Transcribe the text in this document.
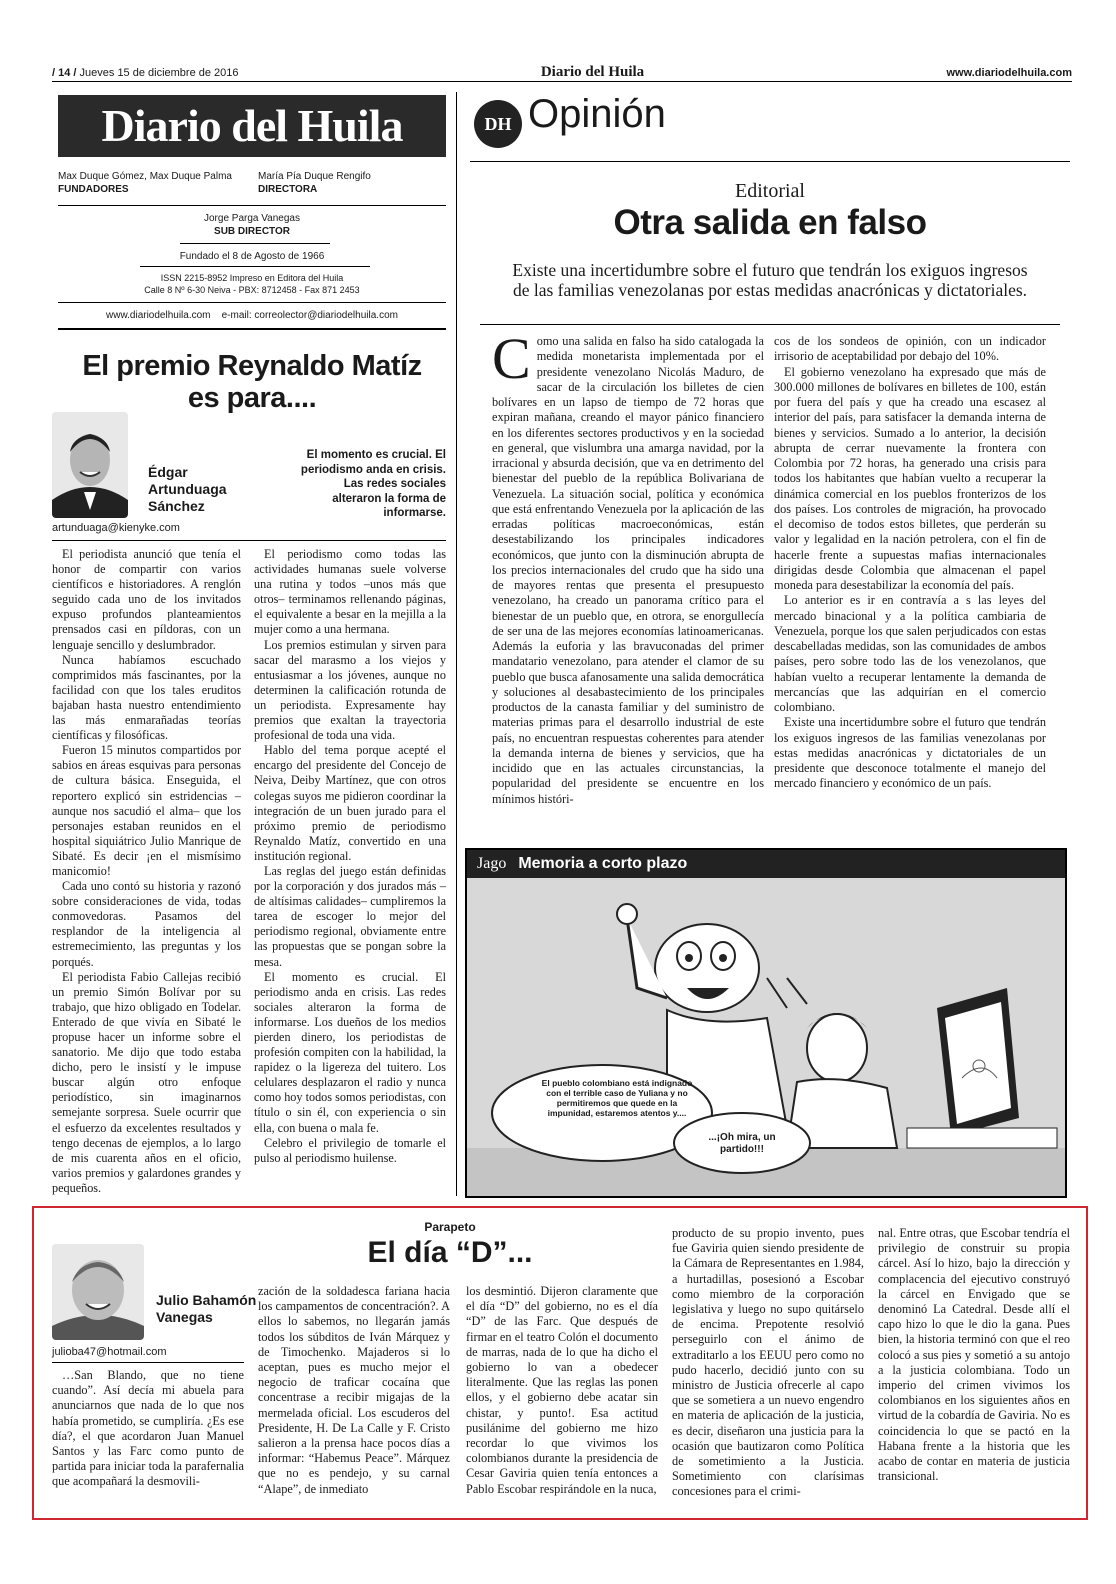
/ 14 / Jueves 15 de diciembre de 2016	Diario del Huila	www.diariodelhuila.com
Diario del Huila
Max Duque Gómez, Max Duque Palma
FUNDADORES
María Pía Duque Rengifo
DIRECTORA
Jorge Parga Vanegas
SUB DIRECTOR
Fundado el 8 de Agosto de 1966
ISSN 2215-8952 Impreso en Editora del Huila
Calle 8 Nº 6-30 Neiva - PBX: 8712458 - Fax 871 2453
www.diariodelhuila.com    e-mail: correolector@diariodelhuila.com
DH Opinión
Editorial
Otra salida en falso
Existe una incertidumbre sobre el futuro que tendrán los exiguos ingresos de las familias venezolanas por estas medidas anacrónicas y dictatoriales.
Como una salida en falso ha sido catalogada la medida monetarista implementada por el presidente venezolano Nicolás Maduro, de sacar de la circulación los billetes de cien bolívares en un lapso de tiempo de 72 horas que expiran mañana, creando el mayor pánico financiero en los diferentes sectores productivos y en la sociedad en general, que vislumbra una amarga navidad, por la irracional y absurda decisión, que va en detrimento del bienestar del pueblo de la república Bolivariana de Venezuela. La situación social, política y económica que está enfrentando Venezuela por la aplicación de las erradas políticas macroeconómicas, están desestabilizando los principales indicadores económicos, que junto con la disminución abrupta de los precios internacionales del crudo que ha sido una de mayores rentas que presenta el presupuesto venezolano, ha creado un panorama crítico para el bienestar de un pueblo que, en otrora, se enorgullecía de ser una de las mejores economías latinoamericanas. Además la euforia y las bravuconadas del primer mandatario venezolano, para atender el clamor de su pueblo que busca afanosamente una salida democrática y soluciones al desabastecimiento de los principales productos de la canasta familiar y del suministro de materias primas para el desarrollo industrial de este país, no encuentran respuestas coherentes para atender la demanda interna de bienes y servicios, que ha incidido que en las actuales circunstancias, la popularidad del presidente se encuentre en los mínimos históri-

cos de los sondeos de opinión, con un indicador irrisorio de aceptabilidad por debajo del 10%.

El gobierno venezolano ha expresado que más de 300.000 millones de bolívares en billetes de 100, están por fuera del país y que ha creado una escasez al interior del país, para satisfacer la demanda interna de bienes y servicios. Sumado a lo anterior, la decisión abrupta de cerrar nuevamente la frontera con Colombia por 72 horas, ha generado una crisis para todos los habitantes que habían vuelto a recuperar la dinámica comercial en los pueblos fronterizos de los dos países. Los controles de migración, ha provocado el decomiso de todos estos billetes, que perderán su valor y legalidad en la nación petrolera, con el fin de hacerle frente a supuestas mafias internacionales dirigidas desde Colombia que almacenan el papel moneda para desestabilizar la economía del país.

Lo anterior es ir en contravía a s las leyes del mercado binacional y a la política cambiaria de Venezuela, porque los que salen perjudicados con estas descabelladas medidas, son las comunidades de ambos países, pero sobre todo las de los venezolanos, que habían vuelto a recuperar lentamente la demanda de mercancías que las adquirían en el comercio colombiano.

Existe una incertidumbre sobre el futuro que tendrán los exiguos ingresos de las familias venezolanas por estas medidas anacrónicas y dictatoriales de un presidente que desconoce totalmente el manejo del mercado financiero y económico de un país.

El premio Reynaldo Matíz es para....
Édgar Artunduaga Sánchez
artunduaga@kienyke.com
El momento es crucial. El periodismo anda en crisis. Las redes sociales alteraron la forma de informarse.

El periodista anunció que tenía el honor de compartir con varios científicos e historiadores. A renglón seguido cada uno de los invitados expuso profundos planteamientos prensados casi en píldoras, con un lenguaje sencillo y deslumbrador.

Nunca habíamos escuchado comprimidos más fascinantes, por la facilidad con que los tales eruditos bajaban hasta nuestro entendimiento las más enmarañadas teorías científicas y filosóficas.

Fueron 15 minutos compartidos por sabios en áreas esquivas para personas de cultura básica. Enseguida, el reportero explicó sin estridencias –aunque nos sacudió el alma– que los personajes estaban reunidos en el hospital siquiátrico Julio Manrique de Sibaté. Es decir ¡en el mismísimo manicomio!

Cada uno contó su historia y razonó sobre consideraciones de vida, todas conmovedoras. Pasamos del resplandor de la inteligencia al estremecimiento, las preguntas y los porqués.

El periodista Fabio Callejas recibió un premio Simón Bolívar por su trabajo, que hizo obligado en Todelar. Enterado de que vivía en Sibaté le propuse hacer un informe sobre el sanatorio. Me dijo que todo estaba dicho, pero le insistí y le impuse buscar algún otro enfoque periodístico, sin imaginarnos semejante sorpresa. Suele ocurrir que el esfuerzo da excelentes resultados y tengo decenas de ejemplos, a lo largo de mis cuarenta años en el oficio, varios premios y galardones grandes y pequeños.

El periodismo como todas las actividades humanas suele volverse una rutina y todos –unos más que otros– terminamos rellenando páginas, el equivalente a besar en la mejilla a la mujer como a una hermana.

Los premios estimulan y sirven para sacar del marasmo a los viejos y entusiasmar a los jóvenes, aunque no determinen la calificación rotunda de un periodista. Expresamente hay premios que exaltan la trayectoria profesional de toda una vida.

Hablo del tema porque acepté el encargo del presidente del Concejo de Neiva, Deiby Martínez, que con otros colegas suyos me pidieron coordinar la integración de un buen jurado para el próximo premio de periodismo Reynaldo Matíz, convertido en una institución regional.

Las reglas del juego están definidas por la corporación y dos jurados más –de altísimas calidades– cumpliremos la tarea de escoger lo mejor del periodismo regional, obviamente entre las propuestas que se pongan sobre la mesa.

El momento es crucial. El periodismo anda en crisis. Las redes sociales alteraron la forma de informarse. Los dueños de los medios pierden dinero, los periodistas de profesión compiten con la habilidad, la rapidez o la ligereza del tuitero. Los celulares desplazaron el radio y nunca como hoy todos somos periodistas, con título o sin él, con experiencia o sin ella, con buena o mala fe.

Celebro el privilegio de tomarle el pulso al periodismo huilense.

Jago Memoria a corto plazo
El pueblo colombiano está indignado con el terrible caso de Yuliana y no permitiremos que quede en la impunidad, estaremos atentos y....
...¡Oh mira, un partido!!!
Parapeto
El día “D”...
Julio Bahamón Vanegas
julioba47@hotmail.com

…San Blando, que no tiene cuando”. Así decía mi abuela para anunciarnos que nada de lo que nos había prometido, se cumpliría. ¿Es ese día?, el que acordaron Juan Manuel Santos y las Farc como punto de partida para iniciar toda la parafernalia que acompañará la desmovili-

zación de la soldadesca fariana hacia los campamentos de concentración?. A ellos lo sabemos, no llegarán jamás todos los súbditos de Iván Márquez y de Timochenko. Majaderos si lo aceptan, pues es mucho mejor el negocio de traficar cocaína que concentrase a recibir migajas de la mermelada oficial. Los escuderos del Presidente, H. De La Calle y F. Cristo salieron a la prensa hace pocos días a informar: “Habemus Peace”. Márquez que no es pendejo, y su carnal “Alape”, de inmediato

los desmintió. Dijeron claramente que el día “D” del gobierno, no es el día “D” de las Farc. Que después de firmar en el teatro Colón el documento de marras, nada de lo que ha dicho el gobierno lo van a obedecer literalmente. Que las reglas las ponen ellos, y el gobierno debe acatar sin chistar, y punto!. Esa actitud pusilánime del gobierno me hizo recordar lo que vivimos los colombianos durante la presidencia de Cesar Gaviria quien tenía entonces a Pablo Escobar respirándole en la nuca,

producto de su propio invento, pues fue Gaviria quien siendo presidente de la Cámara de Representantes en 1.984, a hurtadillas, posesionó a Escobar como miembro de la corporación legislativa y luego no supo quitárselo de encima. Prepotente resolvió perseguirlo con el ánimo de extraditarlo a los EEUU pero como no pudo hacerlo, decidió junto con su ministro de Justicia ofrecerle al capo que se sometiera a un nuevo engendro en materia de aplicación de la justicia, es decir, diseñaron una justicia para la ocasión que bautizaron como Política de sometimiento a la Justicia. Sometimiento con clarísimas concesiones para el crimi-

nal. Entre otras, que Escobar tendría el privilegio de construir su propia cárcel. Así lo hizo, bajo la dirección y complacencia del ejecutivo construyó la cárcel en Envigado que se denominó La Catedral. Desde allí el capo hizo lo que le dio la gana. Pues bien, la historia terminó con que el reo colocó a sus pies y sometió a su antojo a la justicia colombiana. Todo un imperio del crimen vivimos los colombianos en los siguientes años en virtud de la cobardía de Gaviria. No es coincidencia lo que se pactó en la Habana frente a la historia que les acabo de contar en materia de justicia transicional.
